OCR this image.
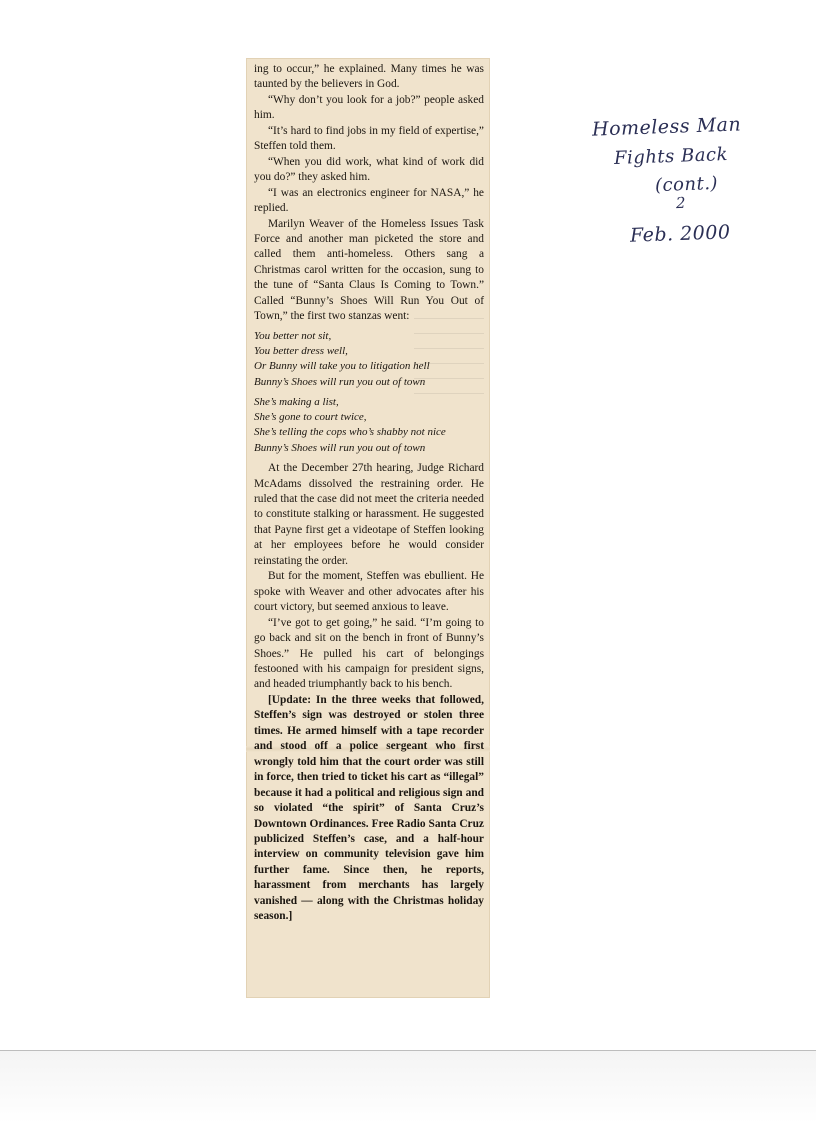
ing to occur,” he explained. Many times he was taunted by the believers in God.

“Why don’t you look for a job?” people asked him.

“It’s hard to find jobs in my field of expertise,” Steffen told them.

“When you did work, what kind of work did you do?” they asked him.

“I was an electronics engineer for NASA,” he replied.

Marilyn Weaver of the Homeless Issues Task Force and another man picketed the store and called them anti-homeless. Others sang a Christmas carol written for the occasion, sung to the tune of “Santa Claus Is Coming to Town.” Called “Bunny’s Shoes Will Run You Out of Town,” the first two stanzas went:

You better not sit,
You better dress well,
Or Bunny will take you to litigation hell
Bunny’s Shoes will run you out of town
She’s making a list,
She’s gone to court twice,
She’s telling the cops who’s shabby not nice
Bunny’s Shoes will run you out of town

At the December 27th hearing, Judge Richard McAdams dissolved the restraining order. He ruled that the case did not meet the criteria needed to constitute stalking or harassment. He suggested that Payne first get a videotape of Steffen looking at her employees before he would consider reinstating the order.

But for the moment, Steffen was ebullient. He spoke with Weaver and other advocates after his court victory, but seemed anxious to leave.

“I’ve got to get going,” he said. “I’m going to go back and sit on the bench in front of Bunny’s Shoes.” He pulled his cart of belongings festooned with his campaign for president signs, and headed triumphantly back to his bench.

[Update: In the three weeks that followed, Steffen’s sign was destroyed or stolen three times. He armed himself with a tape recorder and stood off a police sergeant who first wrongly told him that the court order was still in force, then tried to ticket his cart as “illegal” because it had a political and religious sign and so violated “the spirit” of Santa Cruz’s Downtown Ordinances. Free Radio Santa Cruz publicized Steffen’s case, and a half-hour interview on community television gave him further fame. Since then, he reports, harassment from merchants has largely vanished — along with the Christmas holiday season.]

Homeless Man
Fights Back
(cont.)
2
Feb. 2000
